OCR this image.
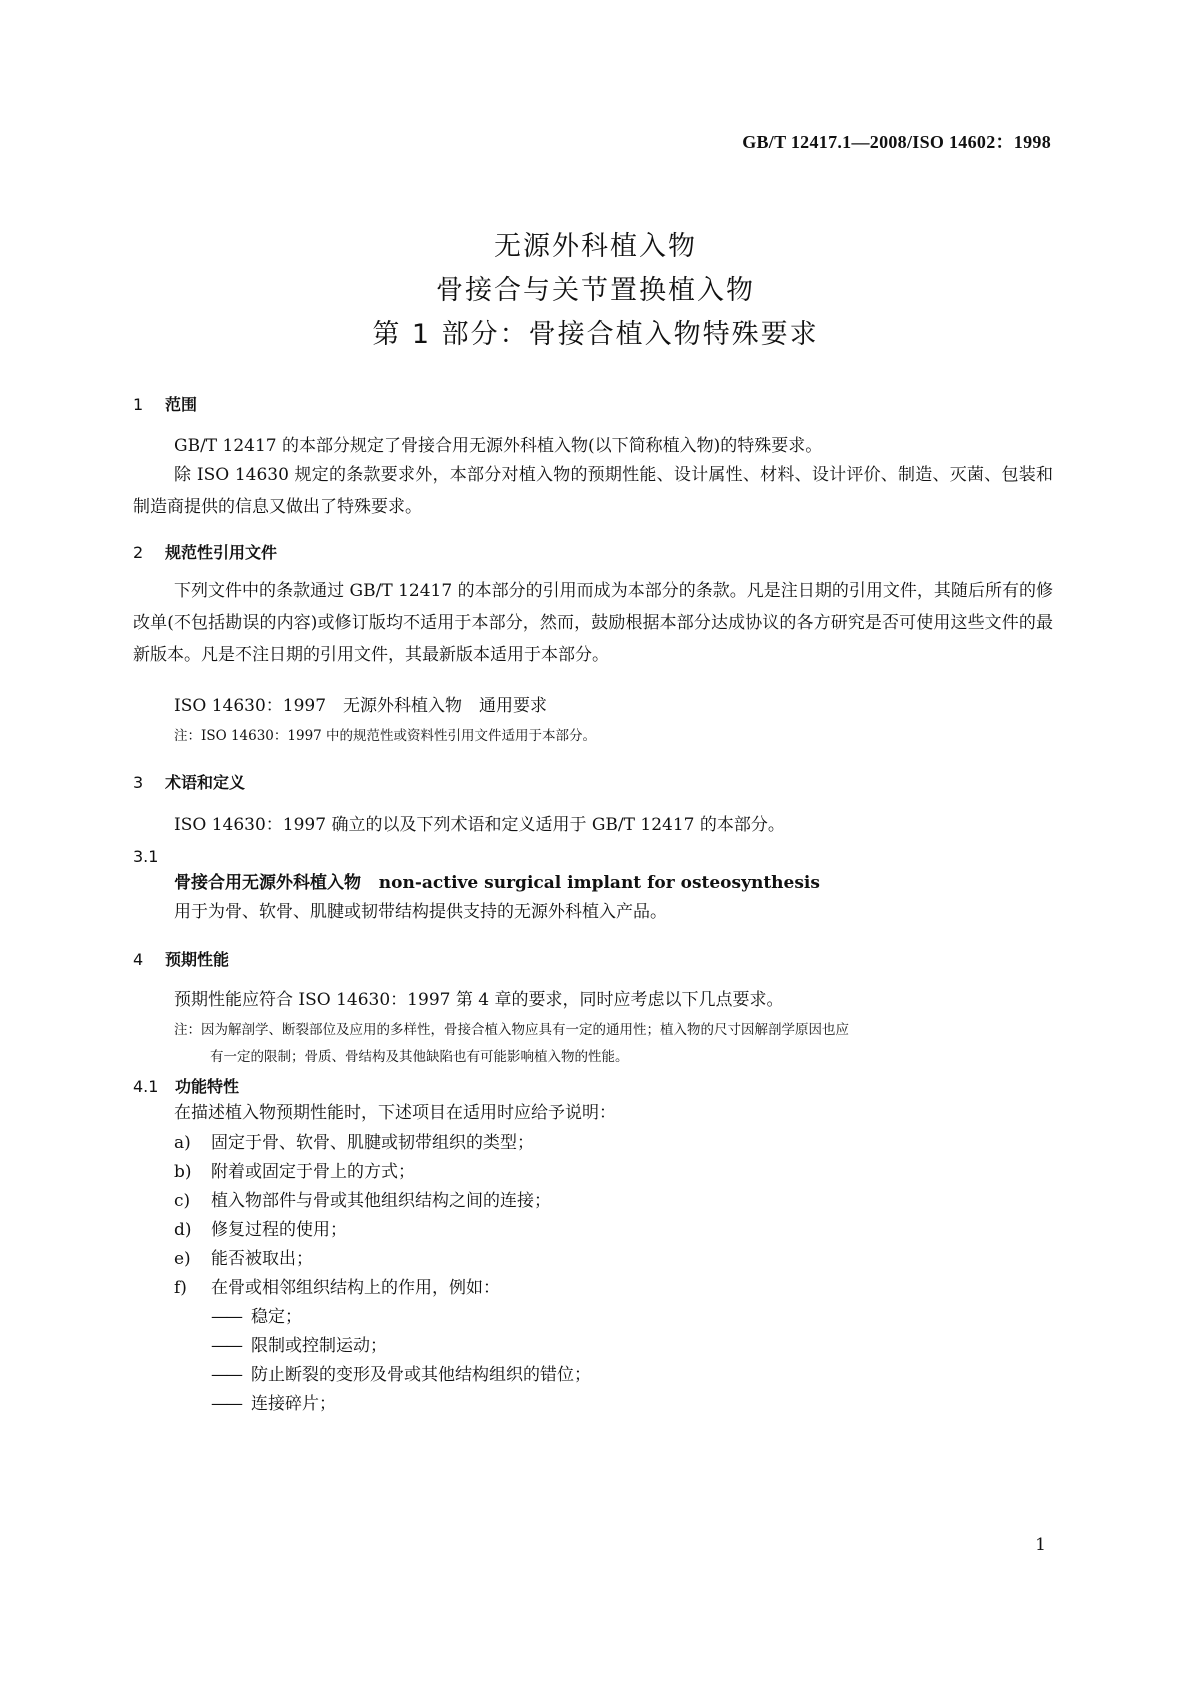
GB/T 12417.1—2008/ISO 14602：1998
无源外科植入物
骨接合与关节置换植入物
第 1 部分：骨接合植入物特殊要求
1 范围
GB/T 12417 的本部分规定了骨接合用无源外科植入物(以下简称植入物)的特殊要求。
除 ISO 14630 规定的条款要求外，本部分对植入物的预期性能、设计属性、材料、设计评价、制造、灭菌、包装和制造商提供的信息又做出了特殊要求。
2 规范性引用文件
下列文件中的条款通过 GB/T 12417 的本部分的引用而成为本部分的条款。凡是注日期的引用文件，其随后所有的修改单(不包括勘误的内容)或修订版均不适用于本部分，然而，鼓励根据本部分达成协议的各方研究是否可使用这些文件的最新版本。凡是不注日期的引用文件，其最新版本适用于本部分。
ISO 14630：1997　无源外科植入物　通用要求
注：ISO 14630：1997 中的规范性或资料性引用文件适用于本部分。
3 术语和定义
ISO 14630：1997 确立的以及下列术语和定义适用于 GB/T 12417 的本部分。
3.1
骨接合用无源外科植入物 non-active surgical implant for osteosynthesis
用于为骨、软骨、肌腱或韧带结构提供支持的无源外科植入产品。
4 预期性能
预期性能应符合 ISO 14630：1997 第 4 章的要求，同时应考虑以下几点要求。
注：因为解剖学、断裂部位及应用的多样性，骨接合植入物应具有一定的通用性；植入物的尺寸因解剖学原因也应
有一定的限制；骨质、骨结构及其他缺陷也有可能影响植入物的性能。
4.1 功能特性
在描述植入物预期性能时，下述项目在适用时应给予说明：
a) 固定于骨、软骨、肌腱或韧带组织的类型；
b) 附着或固定于骨上的方式；
c) 植入物部件与骨或其他组织结构之间的连接；
d) 修复过程的使用；
e) 能否被取出；
f) 在骨或相邻组织结构上的作用，例如：
—— 稳定；
—— 限制或控制运动；
—— 防止断裂的变形及骨或其他结构组织的错位；
—— 连接碎片；
1
